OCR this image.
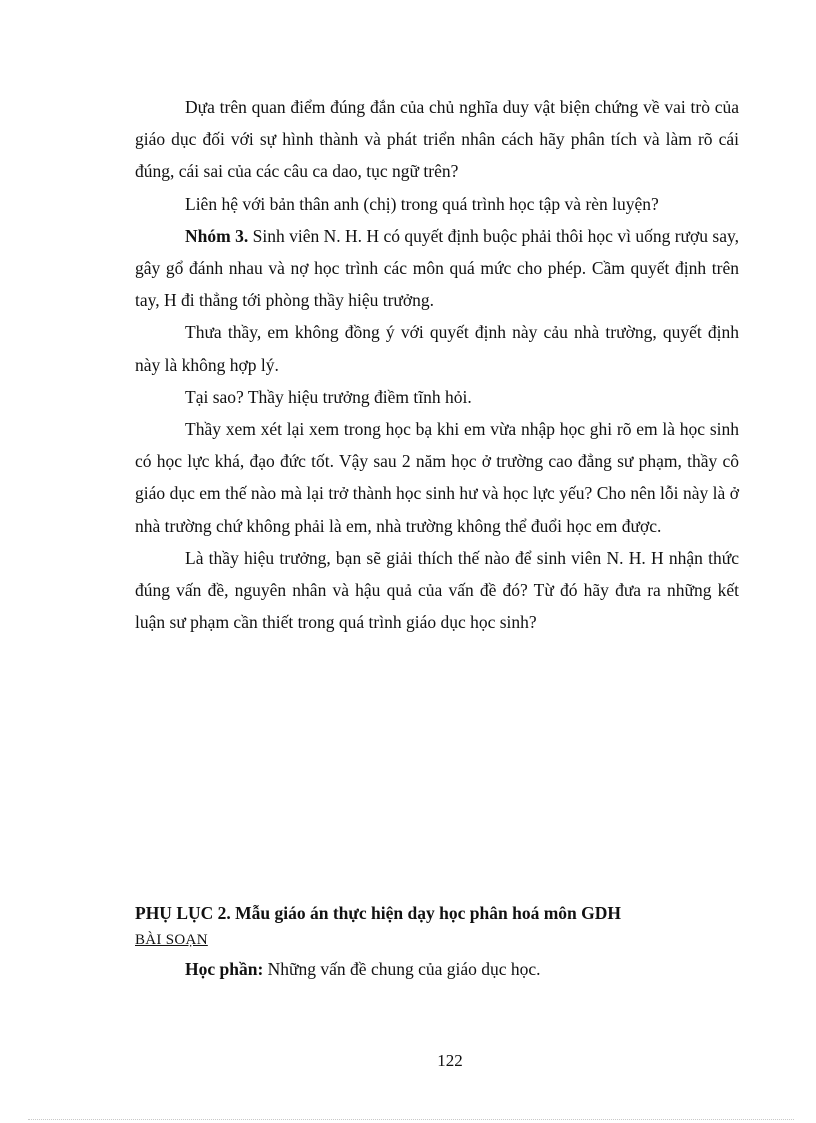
Dựa trên quan điểm đúng đắn của chủ nghĩa duy vật biện chứng về vai trò của giáo dục đối với sự hình thành và phát triển nhân cách hãy phân tích và làm rõ cái đúng, cái sai của các câu ca dao, tục ngữ trên?

Liên hệ với bản thân anh (chị) trong quá trình học tập và rèn luyện?

Nhóm 3. Sinh viên N. H. H có quyết định buộc phải thôi học vì uống rượu say, gây gổ đánh nhau và nợ học trình các môn quá mức cho phép. Cầm quyết định trên tay, H đi thẳng tới phòng thầy hiệu trưởng.

Thưa thầy, em không đồng ý với quyết định này cảu nhà trường, quyết định này là không hợp lý.

Tại sao? Thầy hiệu trưởng điềm tĩnh hỏi.

Thầy xem xét lại xem trong học bạ khi em vừa nhập học ghi rõ em là học sinh có học lực khá, đạo đức tốt. Vậy sau 2 năm học ở trường cao đẳng sư phạm, thầy cô giáo dục em thế nào mà lại trở thành học sinh hư và học lực yếu? Cho nên lỗi này là ở nhà trường chứ không phải là em, nhà trường không thể đuổi học em được.

Là thầy hiệu trưởng, bạn sẽ giải thích thế nào để sinh viên N. H. H nhận thức đúng vấn đề, nguyên nhân và hậu quả của vấn đề đó? Từ đó hãy đưa ra những kết luận sư phạm cần thiết trong quá trình giáo dục học sinh?

PHỤ LỤC 2. Mẫu giáo án thực hiện dạy học phân hoá môn GDH

BÀI SOẠN

Học phần: Những vấn đề chung của giáo dục học.

122
